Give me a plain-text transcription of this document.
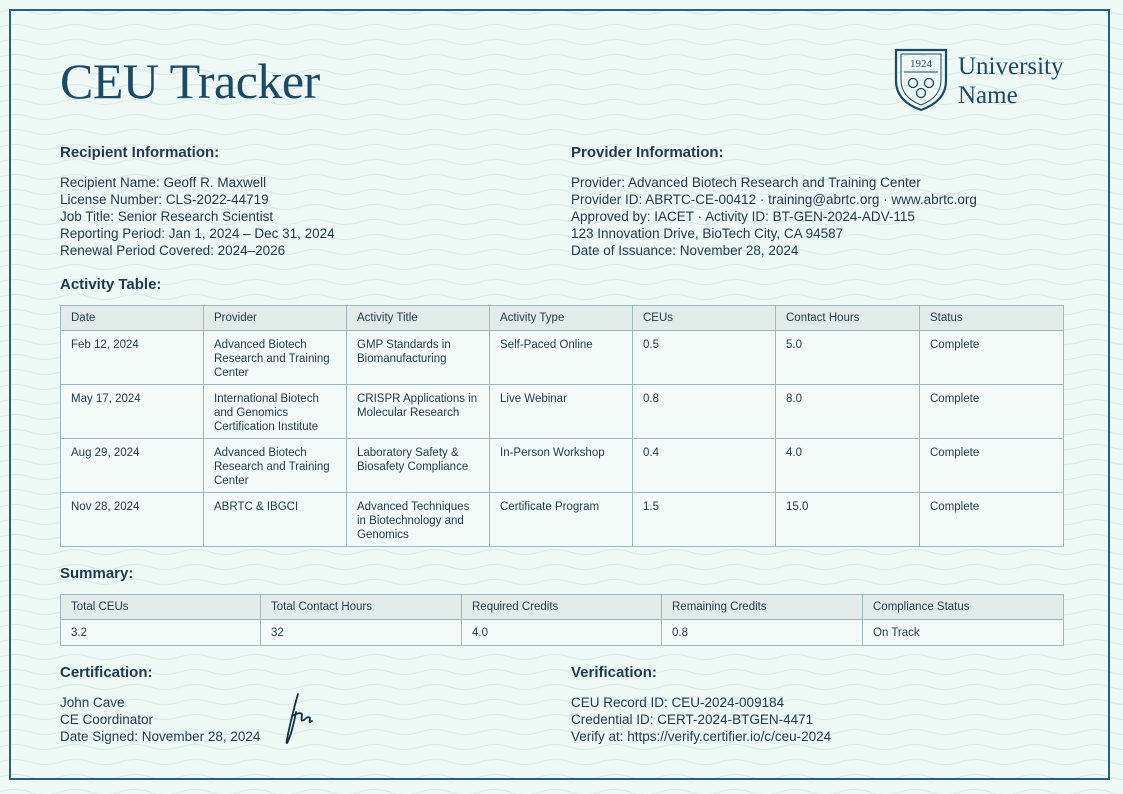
CEU Tracker	1924 University
Name
Recipient Information:
Recipient Name: Geoff R. Maxwell
License Number: CLS-2022-44719
Job Title: Senior Research Scientist
Reporting Period: Jan 1, 2024 – Dec 31, 2024
Renewal Period Covered: 2024–2026
Provider Information:
Provider: Advanced Biotech Research and Training Center
Provider ID: ABRTC-CE-00412 · training@abrtc.org · www.abrtc.org
Approved by: IACET · Activity ID: BT-GEN-2024-ADV-115
123 Innovation Drive, BioTech City, CA 94587
Date of Issuance: November 28, 2024
Activity Table:
Date	Provider	Activity Title	Activity Type	CEUs	Contact Hours	Status
Feb 12, 2024	Advanced Biotech Research and Training Center	GMP Standards in Biomanufacturing	Self-Paced Online	0.5	5.0	Complete
May 17, 2024	International Biotech and Genomics Certification Institute	CRISPR Applications in Molecular Research	Live Webinar	0.8	8.0	Complete
Aug 29, 2024	Advanced Biotech Research and Training Center	Laboratory Safety & Biosafety Compliance	In-Person Workshop	0.4	4.0	Complete
Nov 28, 2024	ABRTC & IBGCI	Advanced Techniques in Biotechnology and Genomics	Certificate Program	1.5	15.0	Complete
Summary:
Total CEUs	Total Contact Hours	Required Credits	Remaining Credits	Compliance Status
3.2	32	4.0	0.8	On Track
Certification:
John Cave
CE Coordinator
Date Signed: November 28, 2024
Verification:
CEU Record ID: CEU-2024-009184
Credential ID: CERT-2024-BTGEN-4471
Verify at: https://verify.certifier.io/c/ceu-2024
